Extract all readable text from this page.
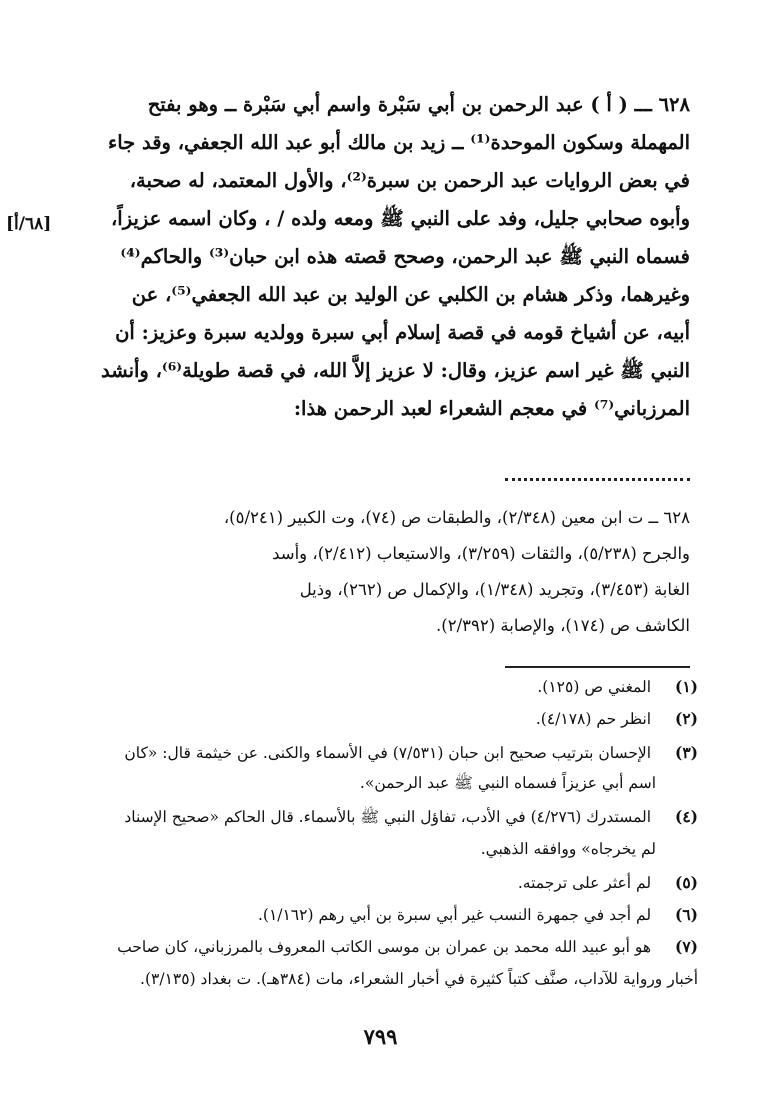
[٦٨/أ]
٦٢٨ ـــ ( أ ) عبد الرحمن بن أبي سَبْرة واسم أبي سَبْرة ــ وهو بفتح
المهملة وسكون الموحدة⁽¹⁾ ــ زيد بن مالك أبو عبد الله الجعفي، وقد جاء
في بعض الروايات عبد الرحمن بن سبرة⁽²⁾، والأول المعتمد، له صحبة،
وأبوه صحابي جليل، وفد على النبي ﷺ ومعه ولده / ، وكان اسمه عزيزاً،
فسماه النبي ﷺ عبد الرحمن، وصحح قصته هذه ابن حبان⁽³⁾ والحاكم⁽⁴⁾
وغيرهما، وذكر هشام بن الكلبي عن الوليد بن عبد الله الجعفي⁽⁵⁾، عن
أبيه، عن أشياخ قومه في قصة إسلام أبي سبرة وولديه سبرة وعزيز: أن
النبي ﷺ غير اسم عزيز، وقال: لا عزيز إلاَّ الله، في قصة طويلة⁽⁶⁾، وأنشد
المرزباني⁽⁷⁾ في معجم الشعراء لعبد الرحمن هذا:
٦٢٨ ــ ت ابن معين (٢/٣٤٨)، والطبقات ص (٧٤)، وت الكبير (٥/٢٤١)،
والجرح (٥/٢٣٨)، والثقات (٣/٢٥٩)، والاستيعاب (٢/٤١٢)، وأسد
الغابة (٣/٤٥٣)، وتجريد (١/٣٤٨)، والإكمال ص (٢٦٢)، وذيل
الكاشف ص (١٧٤)، والإصابة (٢/٣٩٢).
(١) المغني ص (١٢٥).
(٢) انظر حم (٤/١٧٨).
(٣) الإحسان بترتيب صحيح ابن حبان (٧/٥٣١) في الأسماء والكنى. عن خيثمة قال: «كان
اسم أبي عزيزاً فسماه النبي ﷺ عبد الرحمن».
(٤) المستدرك (٤/٢٧٦) في الأدب، تفاؤل النبي ﷺ بالأسماء. قال الحاكم «صحيح الإسناد
لم يخرجاه» ووافقه الذهبي.
(٥) لم أعثر على ترجمته.
(٦) لم أجد في جمهرة النسب غير أبي سبرة بن أبي رهم (١/١٦٢).
(٧) هو أبو عبيد الله محمد بن عمران بن موسى الكاتب المعروف بالمرزباني، كان صاحب
أخبار ورواية للآداب، صنَّف كتباً كثيرة في أخبار الشعراء، مات (٣٨٤هـ). ت بغداد (٣/١٣٥).
٧٩٩
